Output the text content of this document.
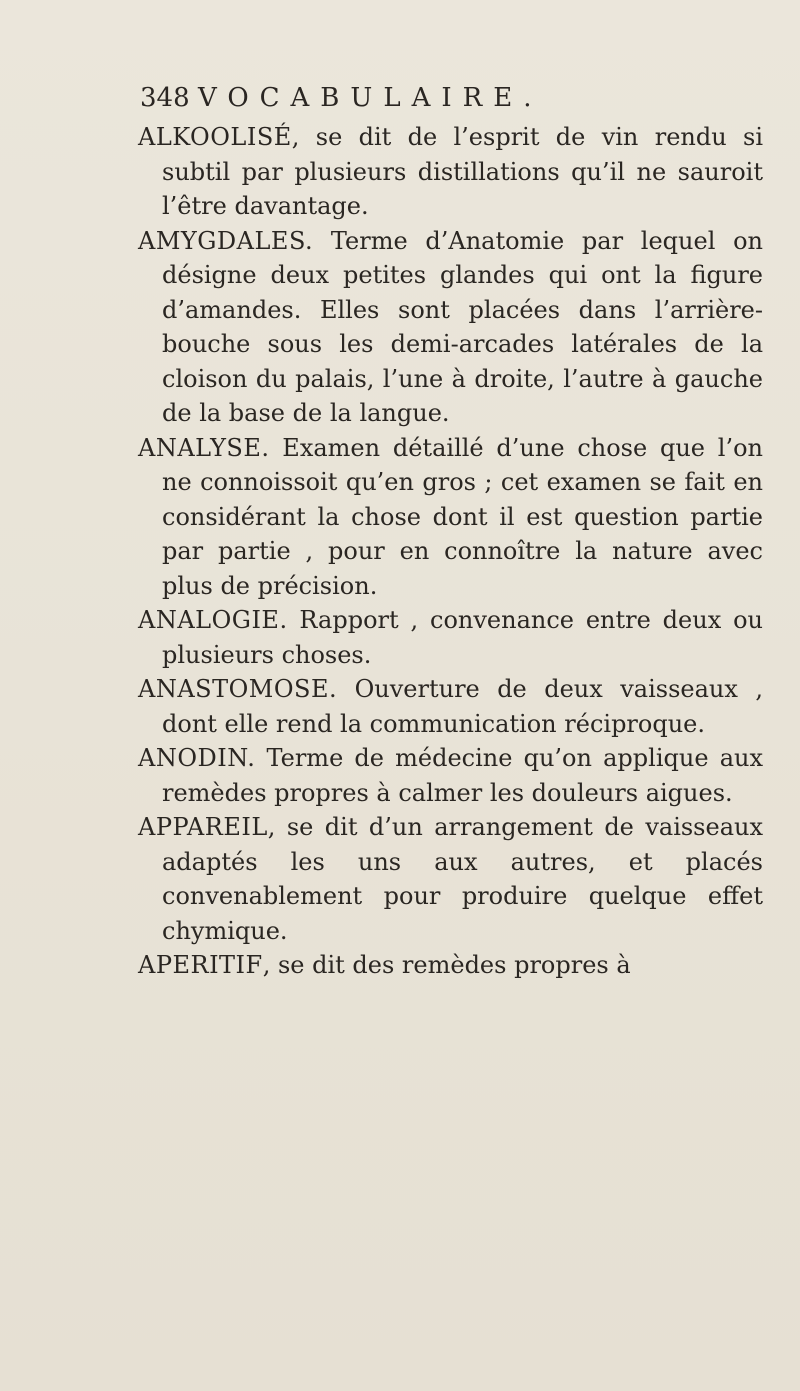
348 VOCABULAIRE.

ALKOOLISÉ, se dit de l’esprit de vin rendu si subtil par plusieurs distillations qu’il ne sauroit l’être davantage.

AMYGDALES. Terme d’Anatomie par lequel on désigne deux petites glandes qui ont la figure d’amandes. Elles sont placées dans l’arrière-bouche sous les demi-arcades latérales de la cloison du palais, l’une à droite, l’autre à gauche de la base de la langue.

ANALYSE. Examen détaillé d’une chose que l’on ne connoissoit qu’en gros ; cet examen se fait en considérant la chose dont il est question partie par partie , pour en connoître la nature avec plus de précision.

ANALOGIE. Rapport , convenance entre deux ou plusieurs choses.

ANASTOMOSE. Ouverture de deux vaisseaux , dont elle rend la communication réciproque.

ANODIN. Terme de médecine qu’on applique aux remèdes propres à calmer les douleurs aigues.

APPAREIL, se dit d’un arrangement de vaisseaux adaptés les uns aux autres, et placés convenablement pour produire quelque effet chymique.

APERITIF, se dit des remèdes propres à
